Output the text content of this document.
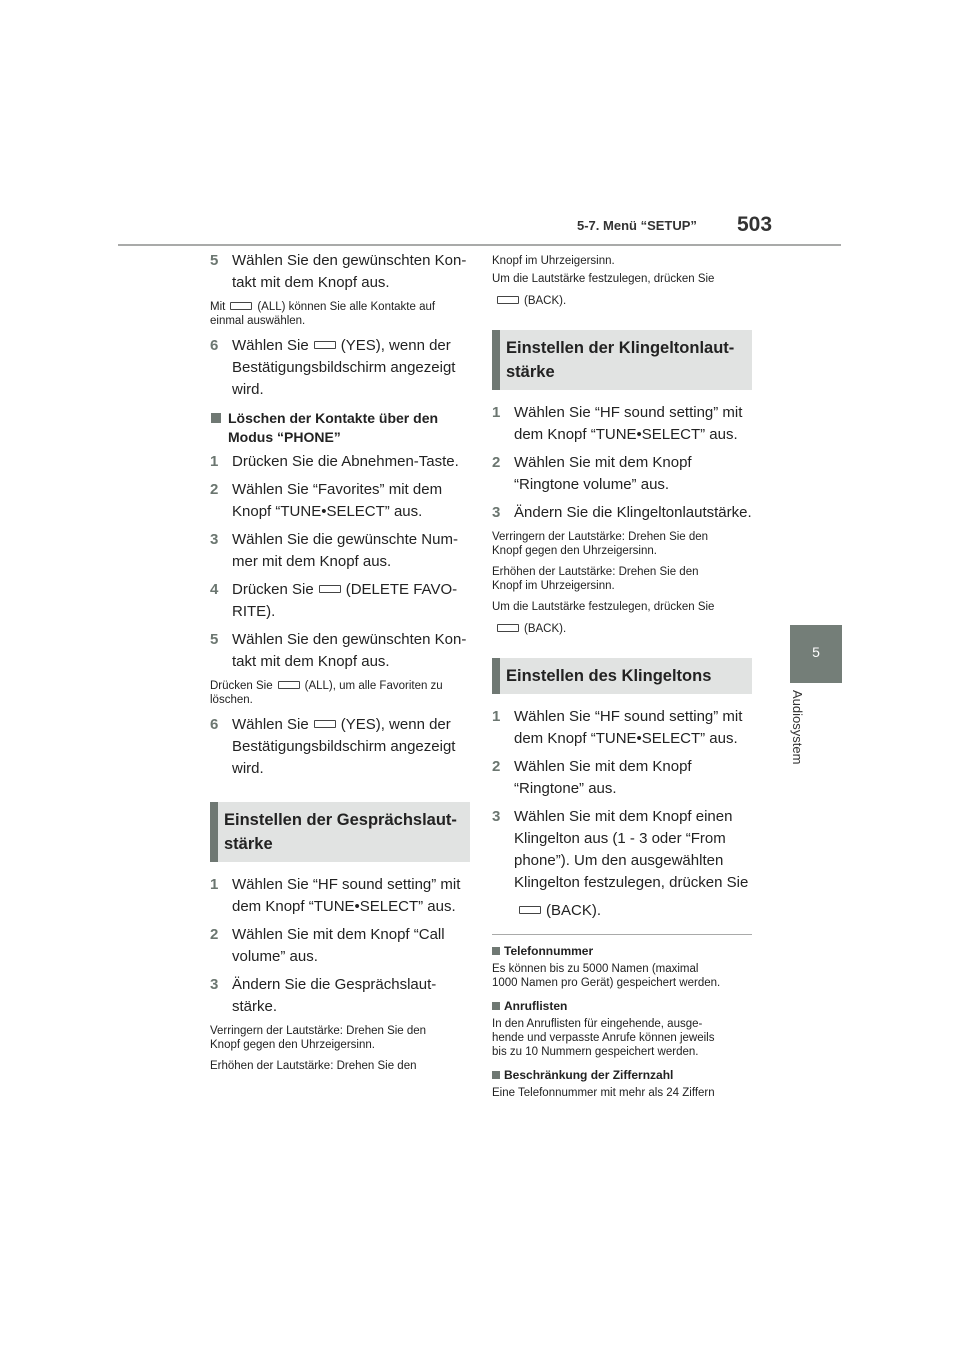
5-7. Menü “SETUP” 503
5
Audiosystem
5 Wählen Sie den gewünschten Kon-
takt mit dem Knopf aus.
Mit	(ALL) können Sie alle Kontakte auf
einmal auswählen.
6 Wählen Sie (YES), wenn der
Bestätigungsbildschirm angezeigt
wird.
Löschen der Kontakte über den
Modus “PHONE”
1 Drücken Sie die Abnehmen-Taste.
2 Wählen Sie “Favorites” mit dem
Knopf “TUNE•SELECT” aus.
3 Wählen Sie die gewünschte Num-
mer mit dem Knopf aus.
4 Drücken Sie (DELETE FAVO-
RITE).
5 Wählen Sie den gewünschten Kon-
takt mit dem Knopf aus.
Drücken Sie	(ALL), um alle Favoriten zu
löschen.
6 Wählen Sie (YES), wenn der
Bestätigungsbildschirm angezeigt
wird.
Einstellen der Gesprächslaut-
stärke
1 Wählen Sie “HF sound setting” mit
dem Knopf “TUNE•SELECT” aus.
2 Wählen Sie mit dem Knopf “Call
volume” aus.
3 Ändern Sie die Gesprächslaut-
stärke.
Verringern der Lautstärke: Drehen Sie den
Knopf gegen den Uhrzeigersinn.
Erhöhen der Lautstärke: Drehen Sie den
Knopf im Uhrzeigersinn.
Um die Lautstärke festzulegen, drücken Sie
(BACK).
Einstellen der Klingeltonlaut-
stärke
1 Wählen Sie “HF sound setting” mit
dem Knopf “TUNE•SELECT” aus.
2 Wählen Sie mit dem Knopf
“Ringtone volume” aus.
3 Ändern Sie die Klingeltonlautstärke.
Verringern der Lautstärke: Drehen Sie den
Knopf gegen den Uhrzeigersinn.
Erhöhen der Lautstärke: Drehen Sie den
Knopf im Uhrzeigersinn.
Um die Lautstärke festzulegen, drücken Sie
(BACK).
Einstellen des Klingeltons
1 Wählen Sie “HF sound setting” mit
dem Knopf “TUNE•SELECT” aus.
2 Wählen Sie mit dem Knopf
“Ringtone” aus.
3 Wählen Sie mit dem Knopf einen
Klingelton aus (1 - 3 oder “From
phone”). Um den ausgewählten
Klingelton festzulegen, drücken Sie
(BACK).
Telefonnummer
Es können bis zu 5000 Namen (maximal
1000 Namen pro Gerät) gespeichert werden.
Anruflisten
In den Anruflisten für eingehende, ausge-
hende und verpasste Anrufe können jeweils
bis zu 10 Nummern gespeichert werden.
Beschränkung der Ziffernzahl
Eine Telefonnummer mit mehr als 24 Ziffern
